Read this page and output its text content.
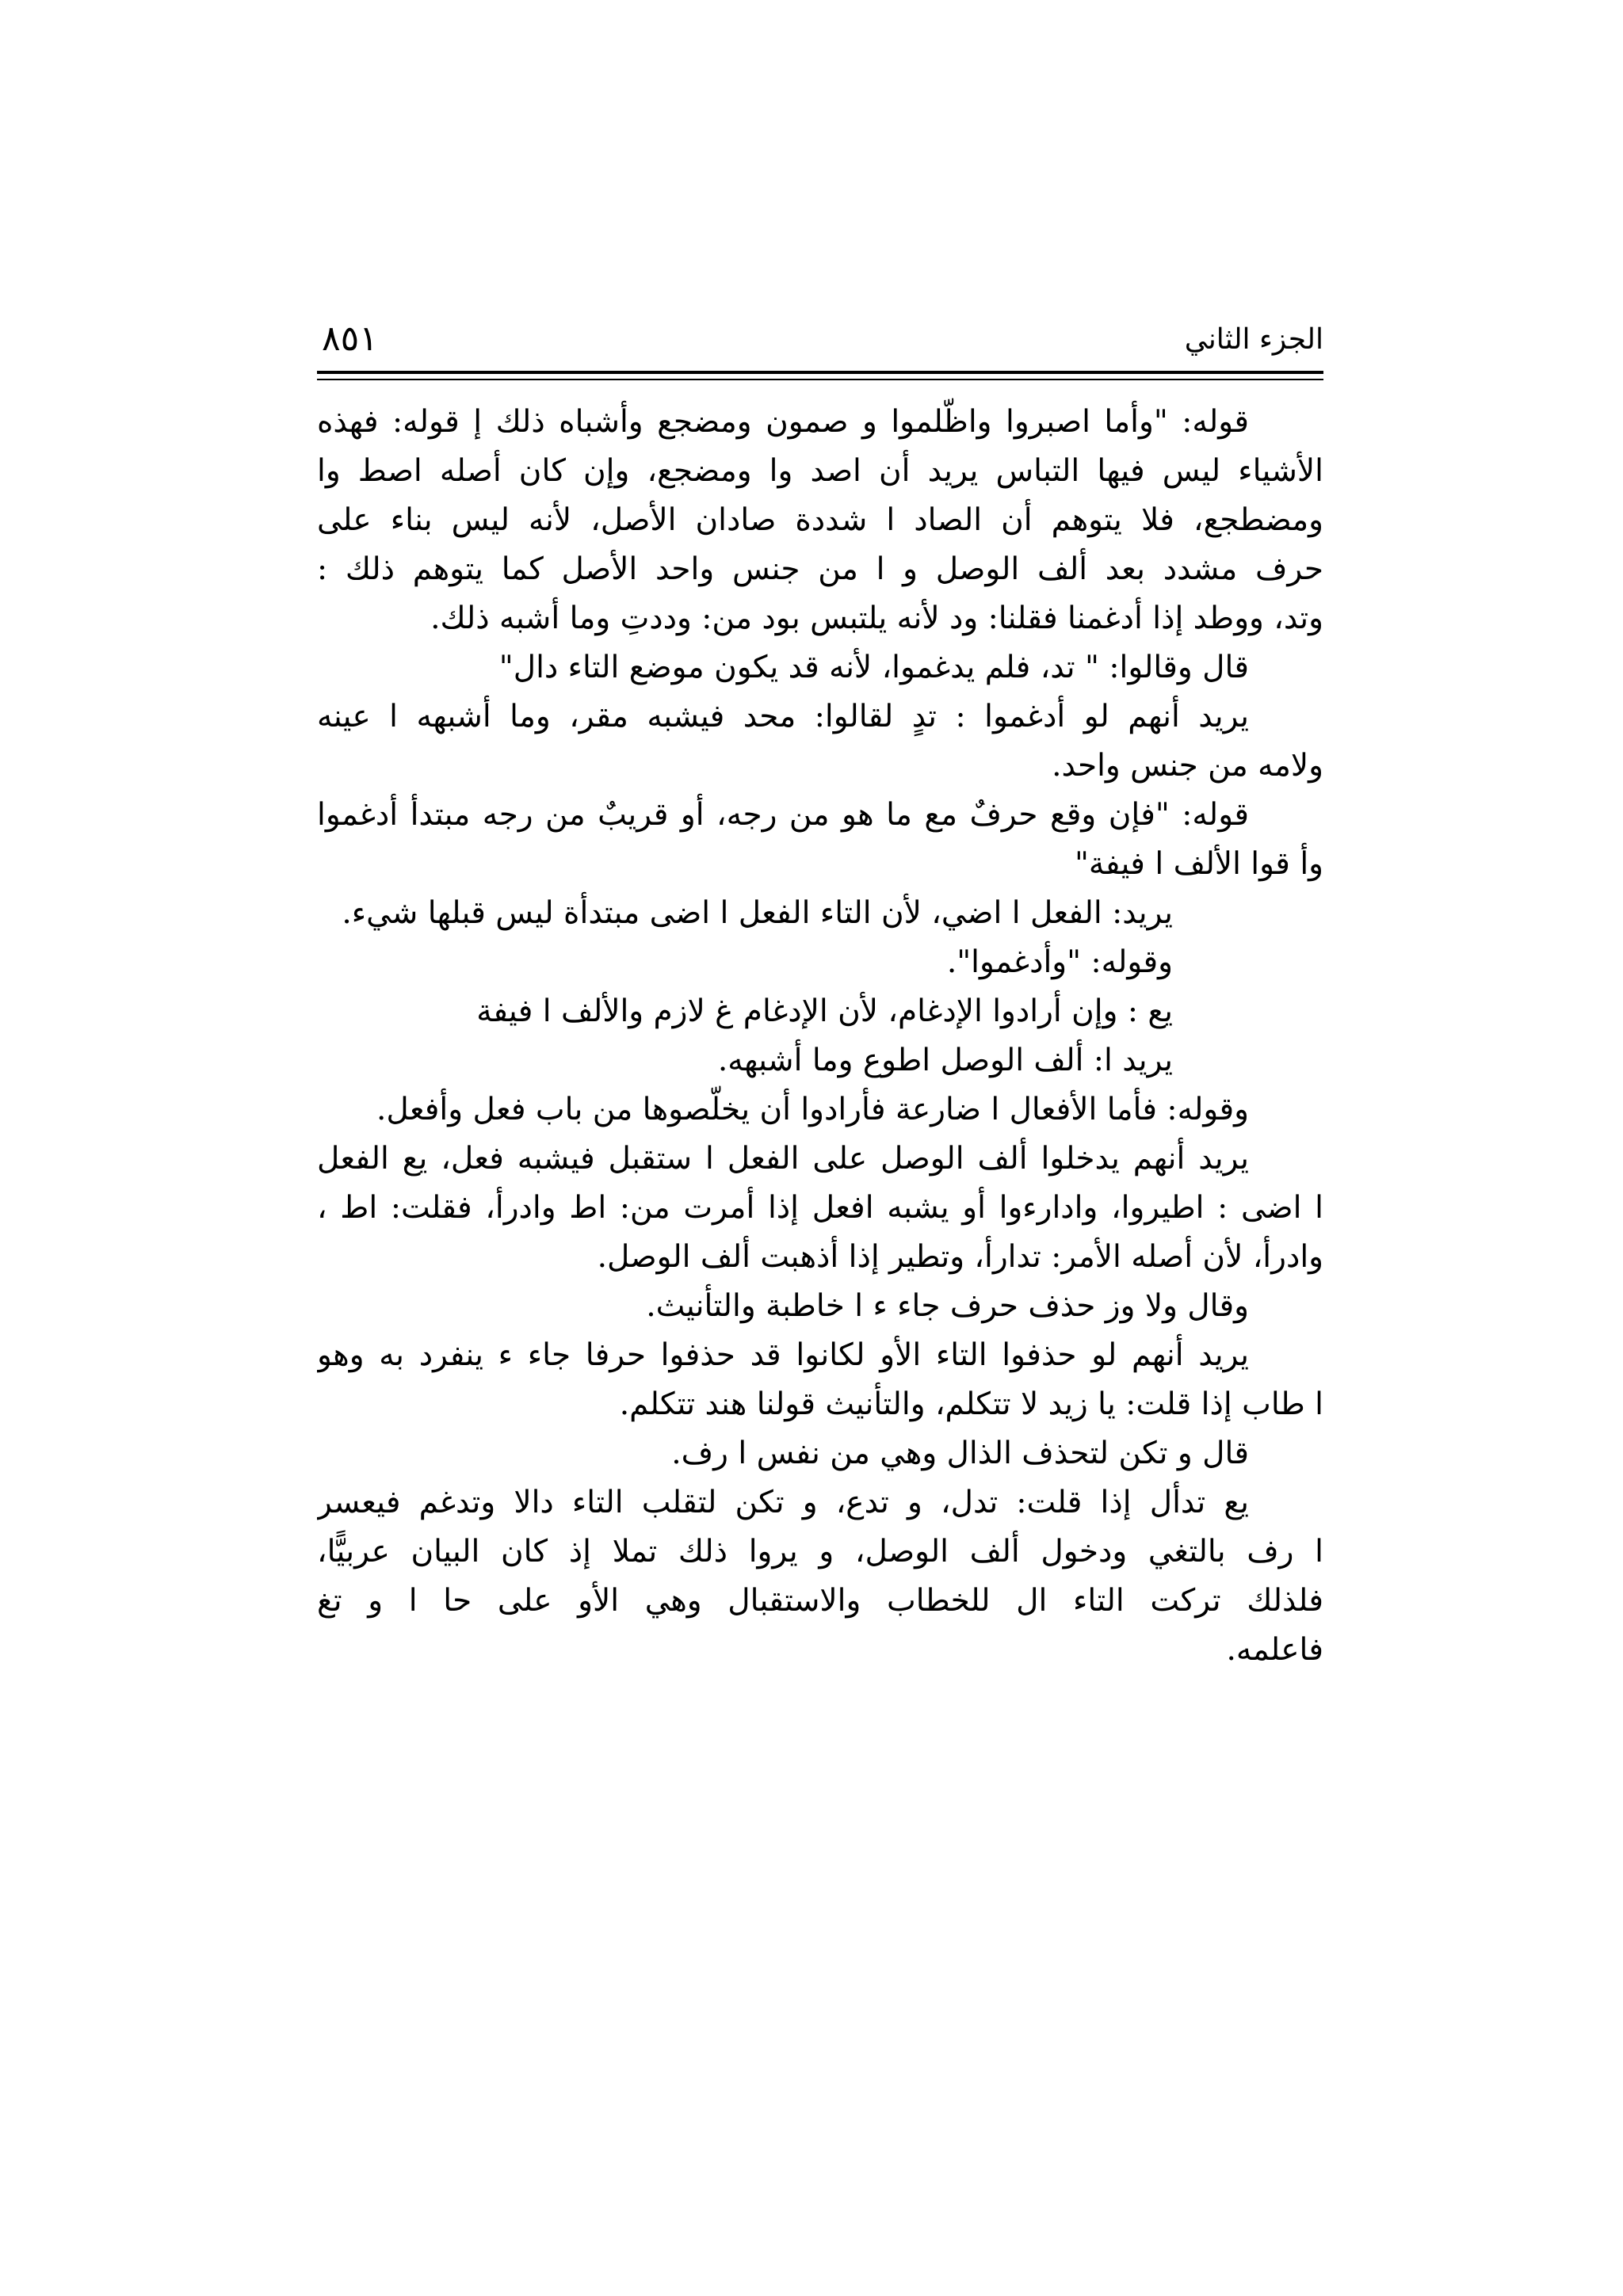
الجزء الثاني
٨٥١
قوله: "وأما اصبروا واظَّلموا و صمون ومضجع وأشباه ذلك إ قوله: فهذه
الأشياء ليس فيها التباس يريد أن اصد وا ومضجع، وإن كان أصله اصط وا
ومضطجع، فلا يتوهم أن الصاد ا شددة صادان الأصل، لأنه ليس بناء على
حرف مشدد بعد ألف الوصل و ا من جنس واحد الأصل كما يتوهم ذلك :
وتد، ووطد إذا أدغمنا فقلنا: ود لأنه يلتبس بود من: وددتِ وما أشبه ذلك.
قال وقالوا: " تد، فلم يدغموا، لأنه قد يكون موضع التاء دال"
يريد أنهم لو أدغموا : تدٍ لقالوا: محد فيشبه مقر، وما أشبهه ا عينه
ولامه من جنس واحد.
قوله: "فإن وقع حرفٌ مع ما هو من رجه، أو قريبٌ من رجه مبتدأ أدغموا
وأ قوا الألف ا فيفة"
يريد: الفعل ا اضي، لأن التاء الفعل ا اضى مبتدأة ليس قبلها شيء.
وقوله: "وأدغموا".
يع : وإن أرادوا الإدغام، لأن الإدغام غ لازم والألف ا فيفة
يريد ا: ألف الوصل اطوع وما أشبهه.
وقوله: فأما الأفعال ا ضارعة فأرادوا أن يخلّصوها من باب فعل وأفعل.
يريد أنهم يدخلوا ألف الوصل على الفعل ا ستقبل فيشبه فعل، يع الفعل
ا اضى : اطيروا، وادارءوا أو يشبه افعل إذا أمرت من: اط وادرأ، فقلت: اط ،
وادرأ، لأن أصله الأمر: تدارأ، وتطير إذا أذهبت ألف الوصل.
وقال ولا وز حذف حرف جاء ء ا خاطبة والتأنيث.
يريد أنهم لو حذفوا التاء الأو لكانوا قد حذفوا حرفا جاء ء ينفرد به وهو
ا طاب إذا قلت: يا زيد لا تتكلم، والتأنيث قولنا هند تتكلم.
قال و تكن لتحذف الذال وهي من نفس ا رف.
يع تدأل إذا قلت: تدل، و تدع، و تكن لتقلب التاء دالا وتدغم فيعسر
ا رف بالتغي ودخول ألف الوصل، و يروا ذلك تملا إذ كان البيان عربيًّا،
فلذلك تركت التاء ال للخطاب والاستقبال وهي الأو على حا ا و تغ
فاعلمه.
